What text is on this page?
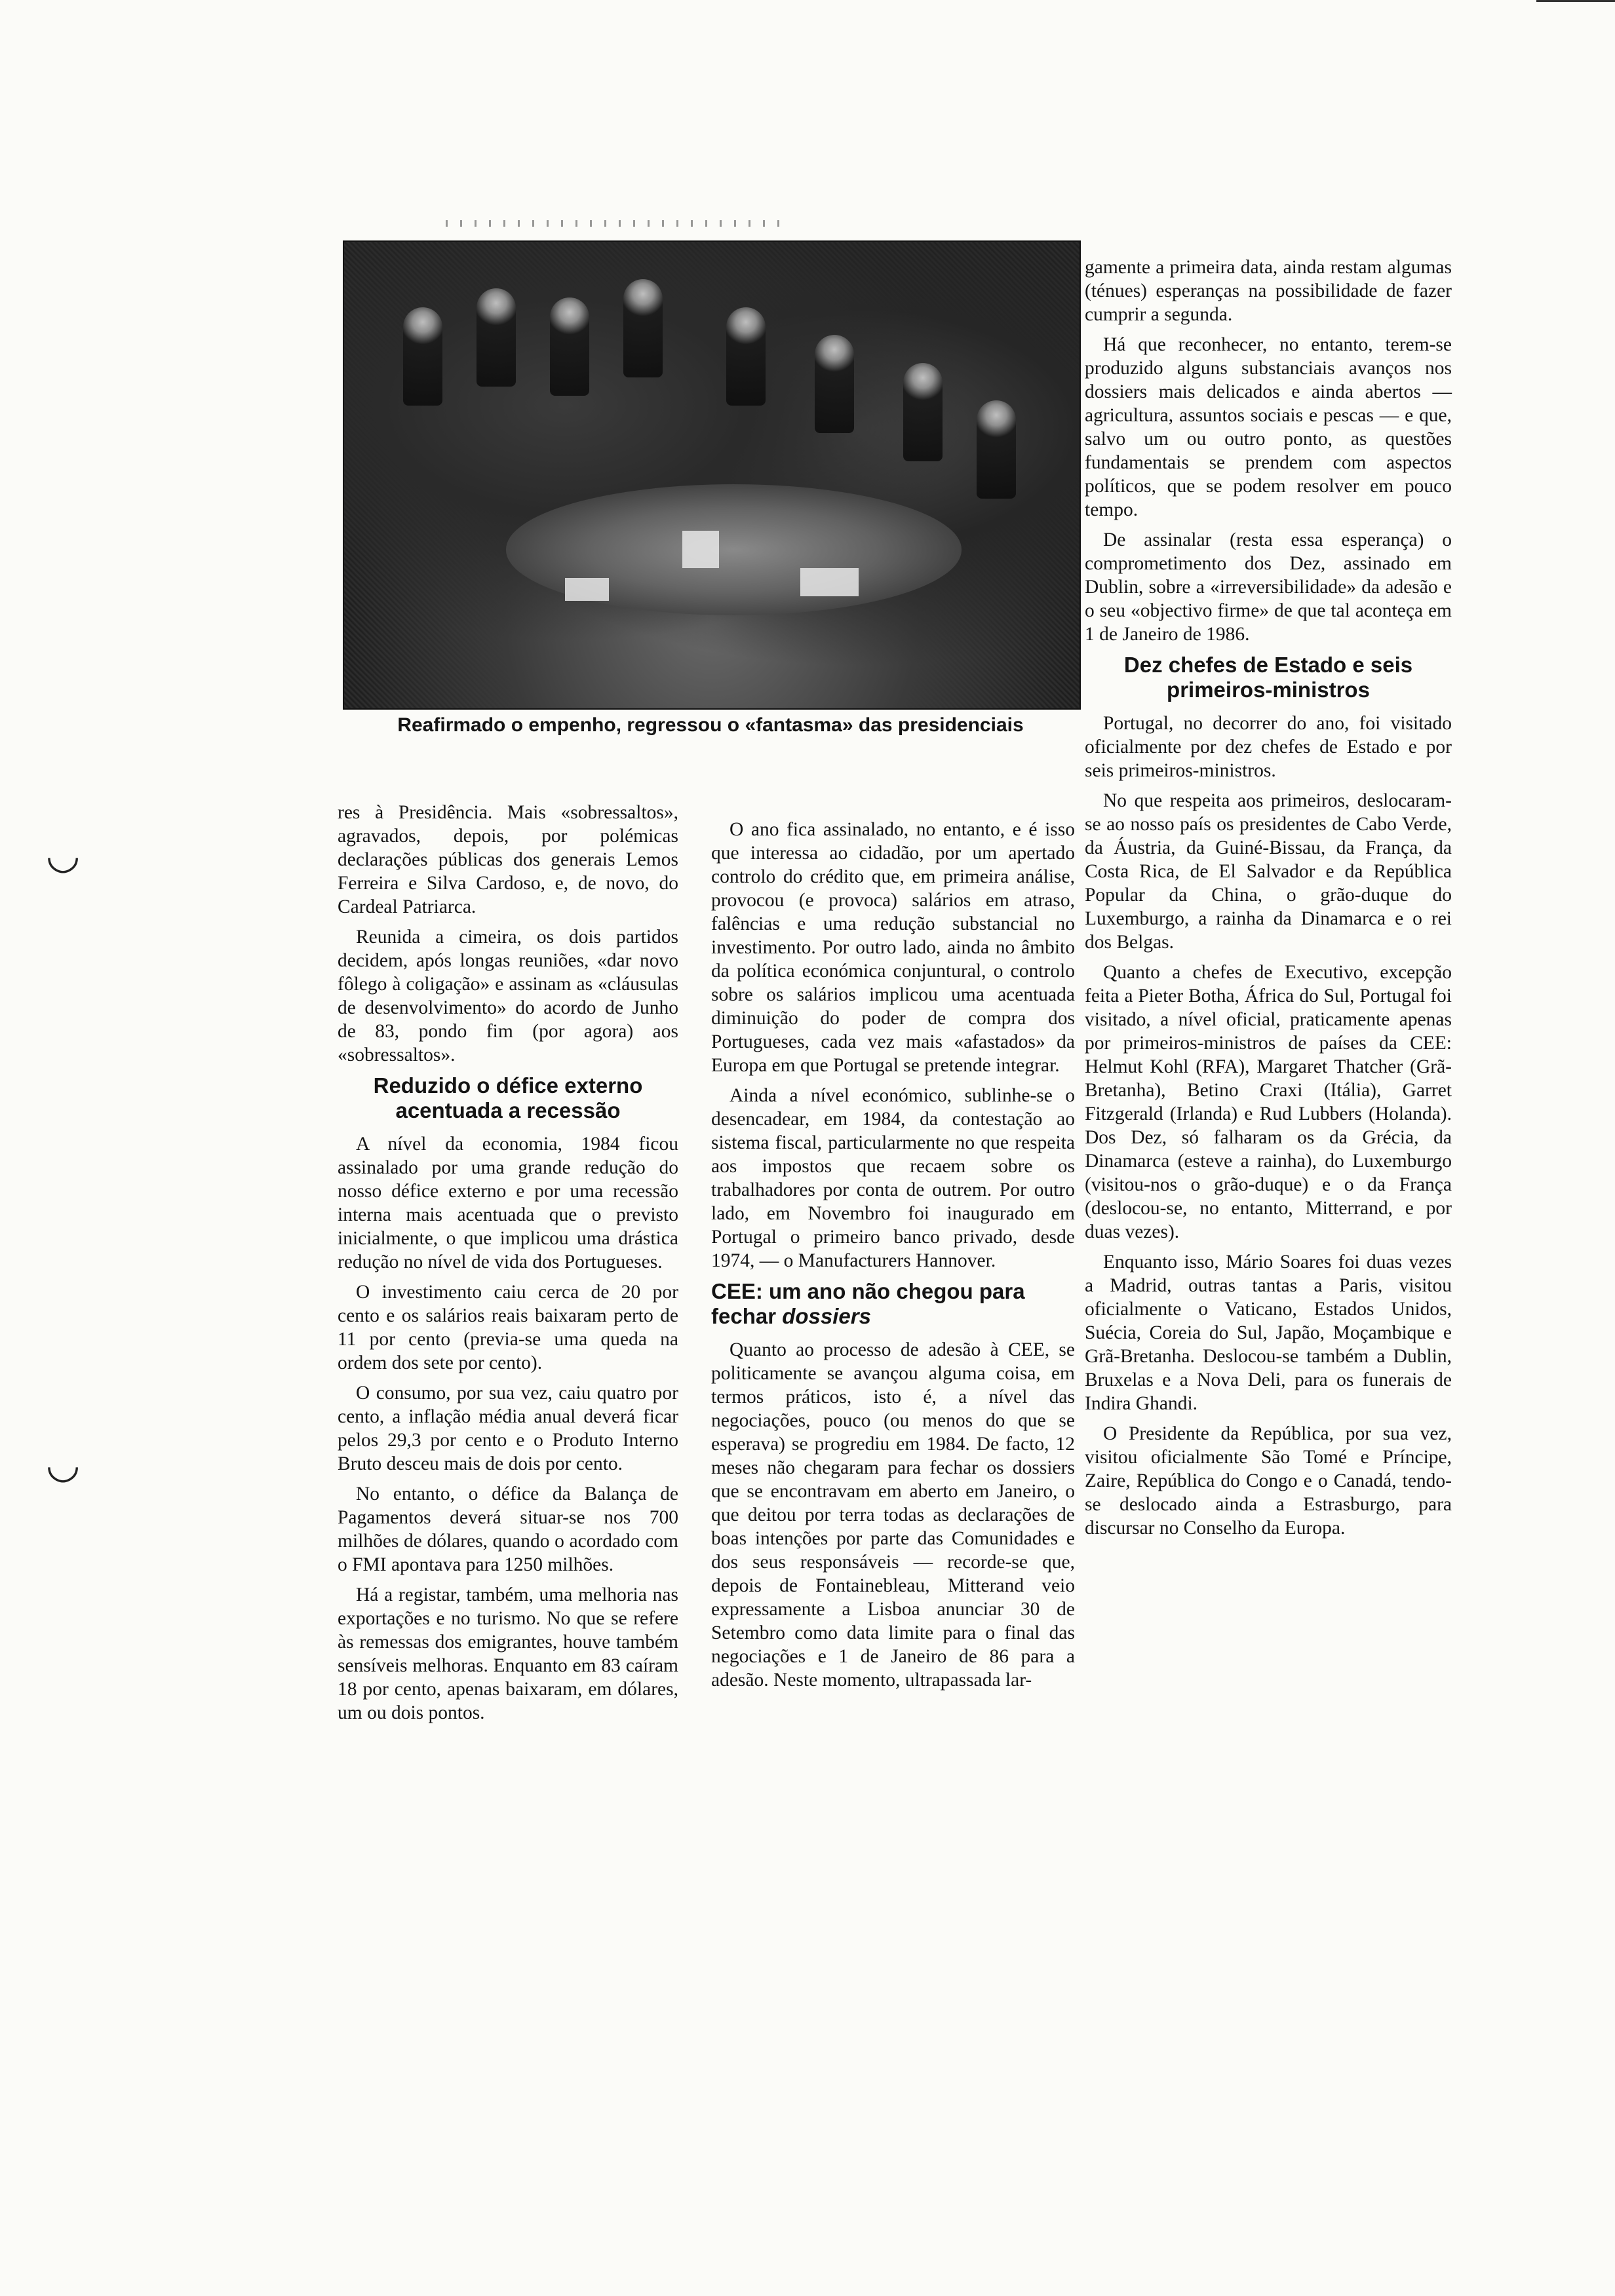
◡
◡
Reafirmado o empenho, regressou o «fantasma» das presidenciais

res à Presidência. Mais «sobressaltos», agravados, depois, por polémicas declarações públicas dos generais Lemos Ferreira e Silva Cardoso, e, de novo, do Cardeal Patriarca.

Reunida a cimeira, os dois partidos decidem, após longas reuniões, «dar novo fôlego à coligação» e assinam as «cláusulas de desenvolvimento» do acordo de Junho de 83, pondo fim (por agora) aos «sobressaltos».

Reduzido o défice externo acentuada a recessão

A nível da economia, 1984 ficou assinalado por uma grande redução do nosso défice externo e por uma recessão interna mais acentuada que o previsto inicialmente, o que implicou uma drástica redução no nível de vida dos Portugueses.

O investimento caiu cerca de 20 por cento e os salários reais baixaram perto de 11 por cento (previa-se uma queda na ordem dos sete por cento).

O consumo, por sua vez, caiu quatro por cento, a inflação média anual deverá ficar pelos 29,3 por cento e o Produto Interno Bruto desceu mais de dois por cento.

No entanto, o défice da Balança de Pagamentos deverá situar-se nos 700 milhões de dólares, quando o acordado com o FMI apontava para 1250 milhões.

Há a registar, também, uma melhoria nas exportações e no turismo. No que se refere às remessas dos emigrantes, houve também sensíveis melhoras. Enquanto em 83 caíram 18 por cento, apenas baixaram, em dólares, um ou dois pontos.

O ano fica assinalado, no entanto, e é isso que interessa ao cidadão, por um apertado controlo do crédito que, em primeira análise, provocou (e provoca) salários em atraso, falências e uma redução substancial no investimento. Por outro lado, ainda no âmbito da política económica conjuntural, o controlo sobre os salários implicou uma acentuada diminuição do poder de compra dos Portugueses, cada vez mais «afastados» da Europa em que Portugal se pretende integrar.

Ainda a nível económico, sublinhe-se o desencadear, em 1984, da contestação ao sistema fiscal, particularmente no que respeita aos impostos que recaem sobre os trabalhadores por conta de outrem. Por outro lado, em Novembro foi inaugurado em Portugal o primeiro banco privado, desde 1974, — o Manufacturers Hannover.

CEE: um ano não chegou para fechar dossiers

Quanto ao processo de adesão à CEE, se politicamente se avançou alguma coisa, em termos práticos, isto é, a nível das negociações, pouco (ou menos do que se esperava) se progrediu em 1984. De facto, 12 meses não chegaram para fechar os dossiers que se encontravam em aberto em Janeiro, o que deitou por terra todas as declarações de boas intenções por parte das Comunidades e dos seus responsáveis — recorde-se que, depois de Fontainebleau, Mitterand veio expressamente a Lisboa anunciar 30 de Setembro como data limite para o final das negociações e 1 de Janeiro de 86 para a adesão. Neste momento, ultrapassada lar-

gamente a primeira data, ainda restam algumas (ténues) esperanças na possibilidade de fazer cumprir a segunda.

Há que reconhecer, no entanto, terem-se produzido alguns substanciais avanços nos dossiers mais delicados e ainda abertos — agricultura, assuntos sociais e pescas — e que, salvo um ou outro ponto, as questões fundamentais se prendem com aspectos políticos, que se podem resolver em pouco tempo.

De assinalar (resta essa esperança) o comprometimento dos Dez, assinado em Dublin, sobre a «irreversibilidade» da adesão e o seu «objectivo firme» de que tal aconteça em 1 de Janeiro de 1986.

Dez chefes de Estado e seis primeiros-ministros

Portugal, no decorrer do ano, foi visitado oficialmente por dez chefes de Estado e por seis primeiros-ministros.

No que respeita aos primeiros, deslocaram-se ao nosso país os presidentes de Cabo Verde, da Áustria, da Guiné-Bissau, da França, da Costa Rica, de El Salvador e da República Popular da China, o grão-duque do Luxemburgo, a rainha da Dinamarca e o rei dos Belgas.

Quanto a chefes de Executivo, excepção feita a Pieter Botha, África do Sul, Portugal foi visitado, a nível oficial, praticamente apenas por primeiros-ministros de países da CEE: Helmut Kohl (RFA), Margaret Thatcher (Grã-Bretanha), Betino Craxi (Itália), Garret Fitzgerald (Irlanda) e Rud Lubbers (Holanda). Dos Dez, só falharam os da Grécia, da Dinamarca (esteve a rainha), do Luxemburgo (visitou-nos o grão-duque) e o da França (deslocou-se, no entanto, Mitterrand, e por duas vezes).

Enquanto isso, Mário Soares foi duas vezes a Madrid, outras tantas a Paris, visitou oficialmente o Vaticano, Estados Unidos, Suécia, Coreia do Sul, Japão, Moçambique e Grã-Bretanha. Deslocou-se também a Dublin, Bruxelas e a Nova Deli, para os funerais de Indira Ghandi.

O Presidente da República, por sua vez, visitou oficialmente São Tomé e Príncipe, Zaire, República do Congo e o Canadá, tendo-se deslocado ainda a Estrasburgo, para discursar no Conselho da Europa.
